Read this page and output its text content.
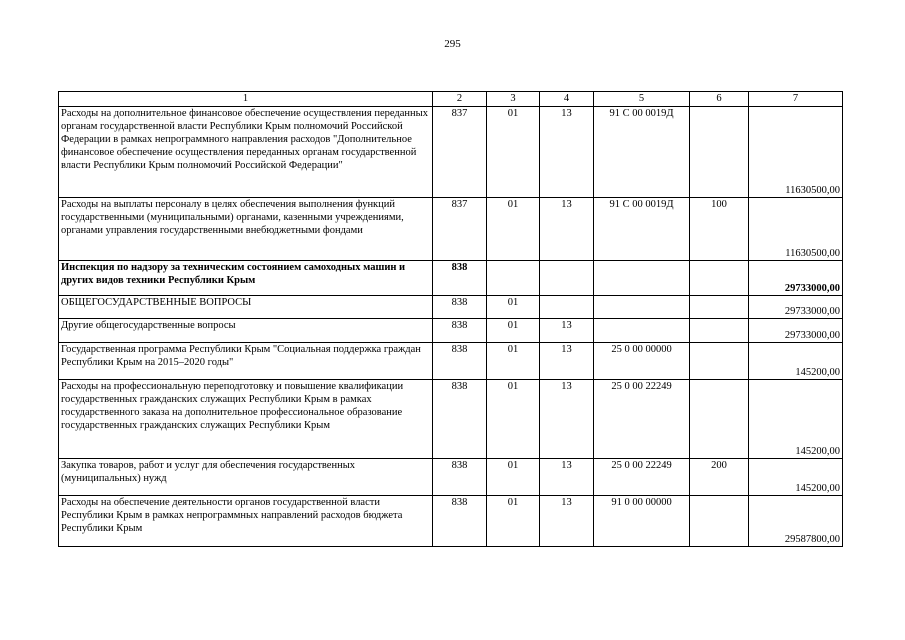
295
1	2	3	4	5	6	7
Расходы на дополнительное финансовое обеспечение осуществления переданных органам государственной власти Республики Крым полномочий Российской Федерации в рамках непрограммного направления расходов "Дополнительное финансовое обеспечение осуществления переданных органам государственной власти Республики Крым полномочий Российской Федерации"	837	01	13	91 С 00 0019Д		11630500,00
Расходы на выплаты персоналу в целях обеспечения выполнения функций государственными (муниципальными) органами, казенными учреждениями, органами управления государственными внебюджетными фондами	837	01	13	91 С 00 0019Д	100	11630500,00
Инспекция по надзору за техническим состоянием самоходных машин и других видов техники Республики Крым	838					29733000,00
ОБЩЕГОСУДАРСТВЕННЫЕ ВОПРОСЫ	838	01				29733000,00
Другие общегосударственные вопросы	838	01	13			29733000,00
Государственная программа Республики Крым "Социальная поддержка граждан Республики Крым на 2015–2020 годы"	838	01	13	25 0 00 00000		145200,00
Расходы на профессиональную переподготовку и повышение квалификации государственных гражданских служащих Республики Крым в рамках государственного заказа на дополнительное профессиональное образование государственных гражданских служащих Республики Крым	838	01	13	25 0 00 22249		145200,00
Закупка товаров, работ и услуг для обеспечения государственных (муниципальных) нужд	838	01	13	25 0 00 22249	200	145200,00
Расходы на обеспечение деятельности органов государственной власти Республики Крым в рамках непрограммных направлений расходов бюджета Республики Крым	838	01	13	91 0 00 00000		29587800,00
